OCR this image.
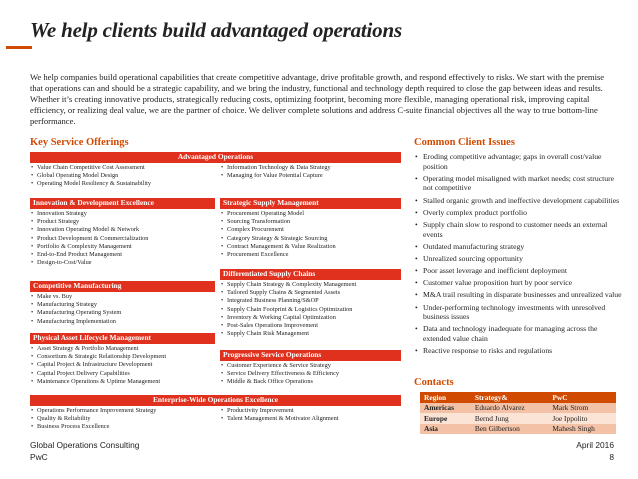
We help clients build advantaged operations

We help companies build operational capabilities that create competitive advantage, drive profitable growth, and respond effectively to risks. We start with the premise that operations can and should be a strategic capability, and we bring the industry, functional and technology depth required to close the gap between ideas and results. Whether it’s creating innovative products, strategically reducing costs, optimizing footprint, becoming more flexible, managing operational risk, improving capital efficiency, or realizing deal value, we are the partner of choice. We deliver complete solutions and address C-suite financial objectives all the way to true bottom-line performance.

Key Service Offerings
Advantaged Operations
• Value Chain Competitive Cost Assessment
• Global Operating Model Design
• Operating Model Resiliency & Sustainability
• Information Technology & Data Strategy
• Managing for Value Potential Capture
Innovation & Development Excellence
• Innovation Strategy
• Product Strategy
• Innovation Operating Model & Network
• Product Development & Commercialization
• Portfolio & Complexity Management
• End-to-End Product Management
• Design-to-Cost/Value
Strategic Supply Management
• Procurement Operating Model
• Sourcing Transformation
• Complex Procurement
• Category Strategy & Strategic Sourcing
• Contract Management & Value Realization
• Procurement Excellence
Differentiated Supply Chains
• Supply Chain Strategy & Complexity Management
• Tailored Supply Chains & Segmented Assets
• Integrated Business Planning/S&OP
• Supply Chain Footprint & Logistics Optimization
• Inventory & Working Capital Optimization
• Post-Sales Operations Improvement
• Supply Chain Risk Management
Competitive Manufacturing
• Make vs. Buy
• Manufacturing Strategy
• Manufacturing Operating System
• Manufacturing Implementation
Physical Asset Lifecycle Management
• Asset Strategy & Portfolio Management
• Consortium & Strategic Relationship Development
• Capital Project & Infrastructure Development
• Capital Project Delivery Capabilities
• Maintenance Operations & Uptime Management
Progressive Service Operations
• Customer Experience & Service Strategy
• Service Delivery Effectiveness & Efficiency
• Middle & Back Office Operations
Enterprise-Wide Operations Excellence
• Operations Performance Improvement Strategy
• Quality & Reliability
• Business Process Excellence
• Productivity Improvement
• Talent Management & Motivator Alignment
Common Client Issues
• Eroding competitive advantage; gaps in overall cost/value position
• Operating model misaligned with market needs; cost structure not competitive
• Stalled organic growth and ineffective development capabilities
• Overly complex product portfolio
• Supply chain slow to respond to customer needs an external events
• Outdated manufacturing strategy
• Unrealized sourcing opportunity
• Poor asset leverage and inefficient deployment
• Customer value proposition hurt by poor service
• M&A trail resulting in disparate businesses and unrealized value
• Under-performing technology investments with unresolved business issues
• Data and technology inadequate for managing across the extended value chain
• Reactive response to risks and regulations
Contacts
Region	Strategy&	PwC
Americas	Eduardo Alvarez	Mark Strom
Europe	Bernd Jung	Joe Ippolito
Asia	Ben Gilbertson	Mahesh Singh
Global Operations Consulting
PwC
April 2016
8
